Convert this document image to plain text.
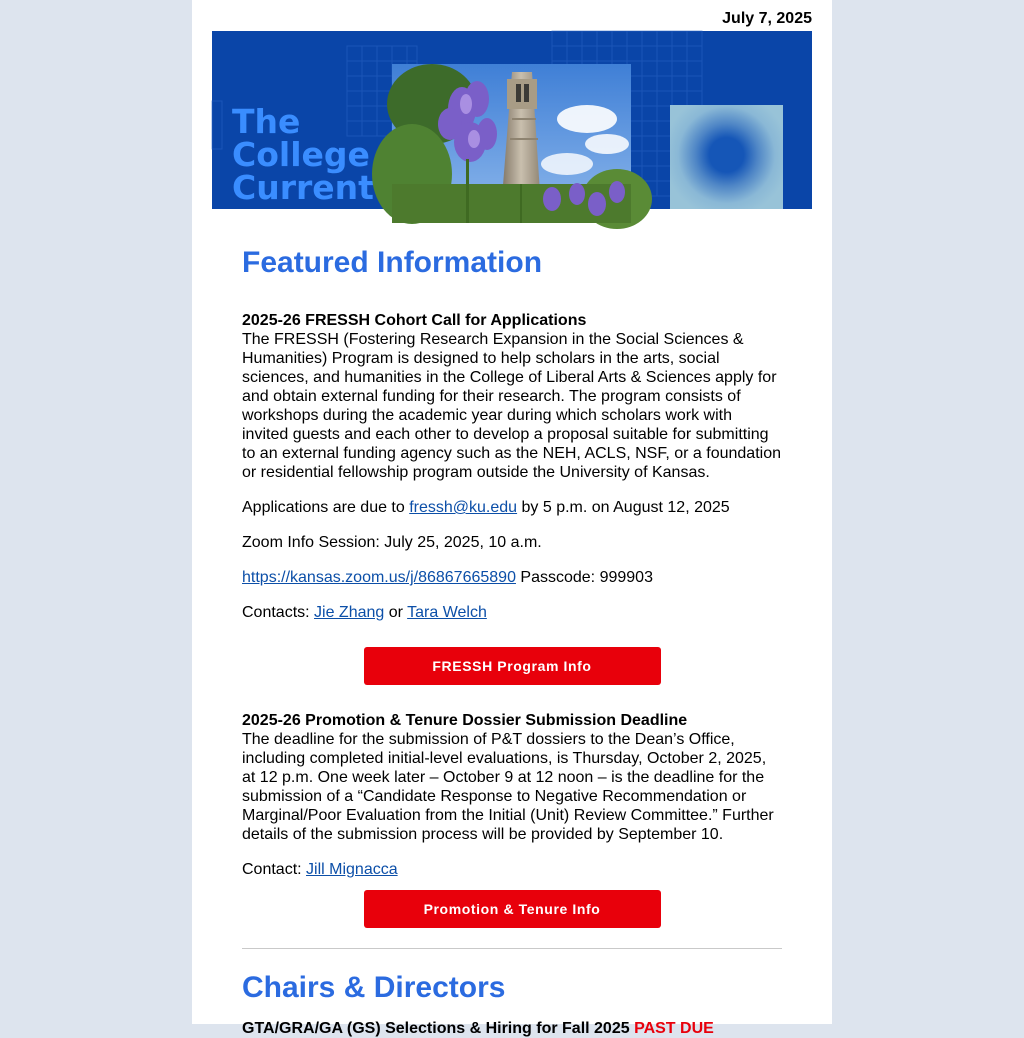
July 7, 2025
The
College
Current
Featured Information
2025-26 FRESSH Cohort Call for Applications

The FRESSH (Fostering Research Expansion in the Social Sciences & Humanities) Program is designed to help scholars in the arts, social sciences, and humanities in the College of Liberal Arts & Sciences apply for and obtain external funding for their research. The program consists of workshops during the academic year during which scholars work with invited guests and each other to develop a proposal suitable for submitting to an external funding agency such as the NEH, ACLS, NSF, or a foundation or residential fellowship program outside the University of Kansas.

Applications are due to fressh@ku.edu by 5 p.m. on August 12, 2025

Zoom Info Session: July 25, 2025, 10 a.m.

https://kansas.zoom.us/j/86867665890 Passcode: 999903

Contacts: Jie Zhang or Tara Welch

FRESSH Program Info
2025-26 Promotion & Tenure Dossier Submission Deadline

The deadline for the submission of P&T dossiers to the Dean’s Office, including completed initial-level evaluations, is Thursday, October 2, 2025, at 12 p.m. One week later – October 9 at 12 noon – is the deadline for the submission of a “Candidate Response to Negative Recommendation or Marginal/Poor Evaluation from the Initial (Unit) Review Committee.” Further details of the submission process will be provided by September 10.

Contact: Jill Mignacca

Promotion & Tenure Info
Chairs & Directors
GTA/GRA/GA (GS) Selections & Hiring for Fall 2025 PAST DUE
